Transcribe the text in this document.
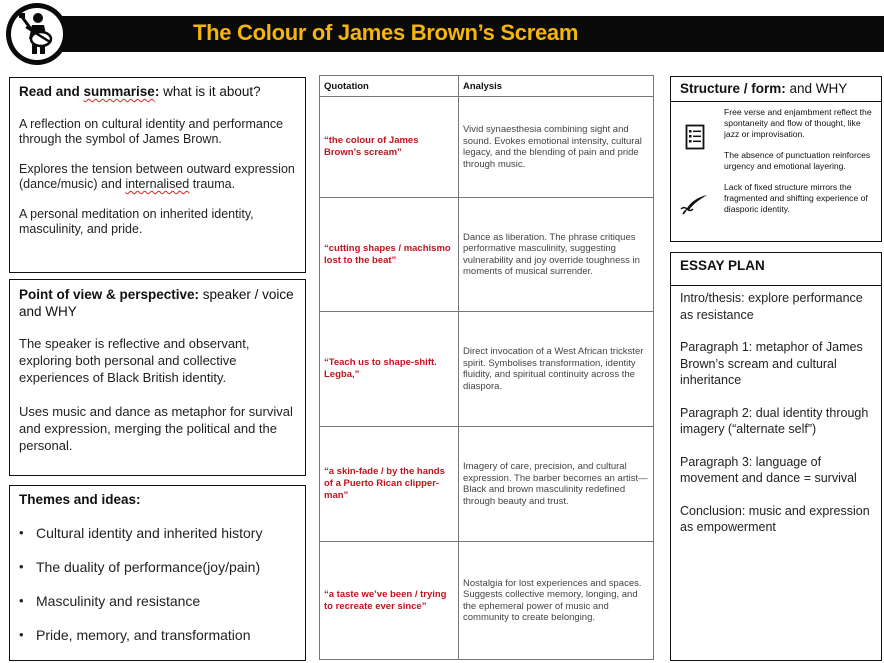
The Colour of James Brown’s Scream
Read and summarise: what is it about?

A reflection on cultural identity and performance through the symbol of James Brown.

Explores the tension between outward expression (dance/music) and internalised trauma.

A personal meditation on inherited identity, masculinity, and pride.

Point of view & perspective: speaker / voice and WHY

The speaker is reflective and observant, exploring both personal and collective experiences of Black British identity.

Uses music and dance as metaphor for survival and expression, merging the political and the personal.

Themes and ideas:
• Cultural identity and inherited history
• The duality of performance(joy/pain)
• Masculinity and resistance
• Pride, memory, and transformation
Quotation	Analysis
“the colour of James Brown’s scream”	Vivid synaesthesia combining sight and sound. Evokes emotional intensity, cultural legacy, and the blending of pain and pride through music.
“cutting shapes / machismo lost to the beat”	Dance as liberation. The phrase critiques performative masculinity, suggesting vulnerability and joy override toughness in moments of musical surrender.
“Teach us to shape-shift. Legba,”	Direct invocation of a West African trickster spirit. Symbolises transformation, identity fluidity, and spiritual continuity across the diaspora.
“a skin-fade / by the hands of a Puerto Rican clipper-man”	Imagery of care, precision, and cultural expression. The barber becomes an artist—Black and brown masculinity redefined through beauty and trust.
“a taste we’ve been / trying to recreate ever since”	Nostalgia for lost experiences and spaces. Suggests collective memory, longing, and the ephemeral power of music and community to create belonging.
Structure / form: and WHY
Free verse and enjambment reflect the spontaneity and flow of thought, like jazz or improvisation.
The absence of punctuation reinforces urgency and emotional layering.
Lack of fixed structure mirrors the fragmented and shifting experience of diasporic identity.
ESSAY PLAN

Intro/thesis: explore performance as resistance

Paragraph 1: metaphor of James Brown’s scream and cultural inheritance

Paragraph 2: dual identity through imagery (“alternate self”)

Paragraph 3: language of movement and dance = survival

Conclusion: music and expression as empowerment
